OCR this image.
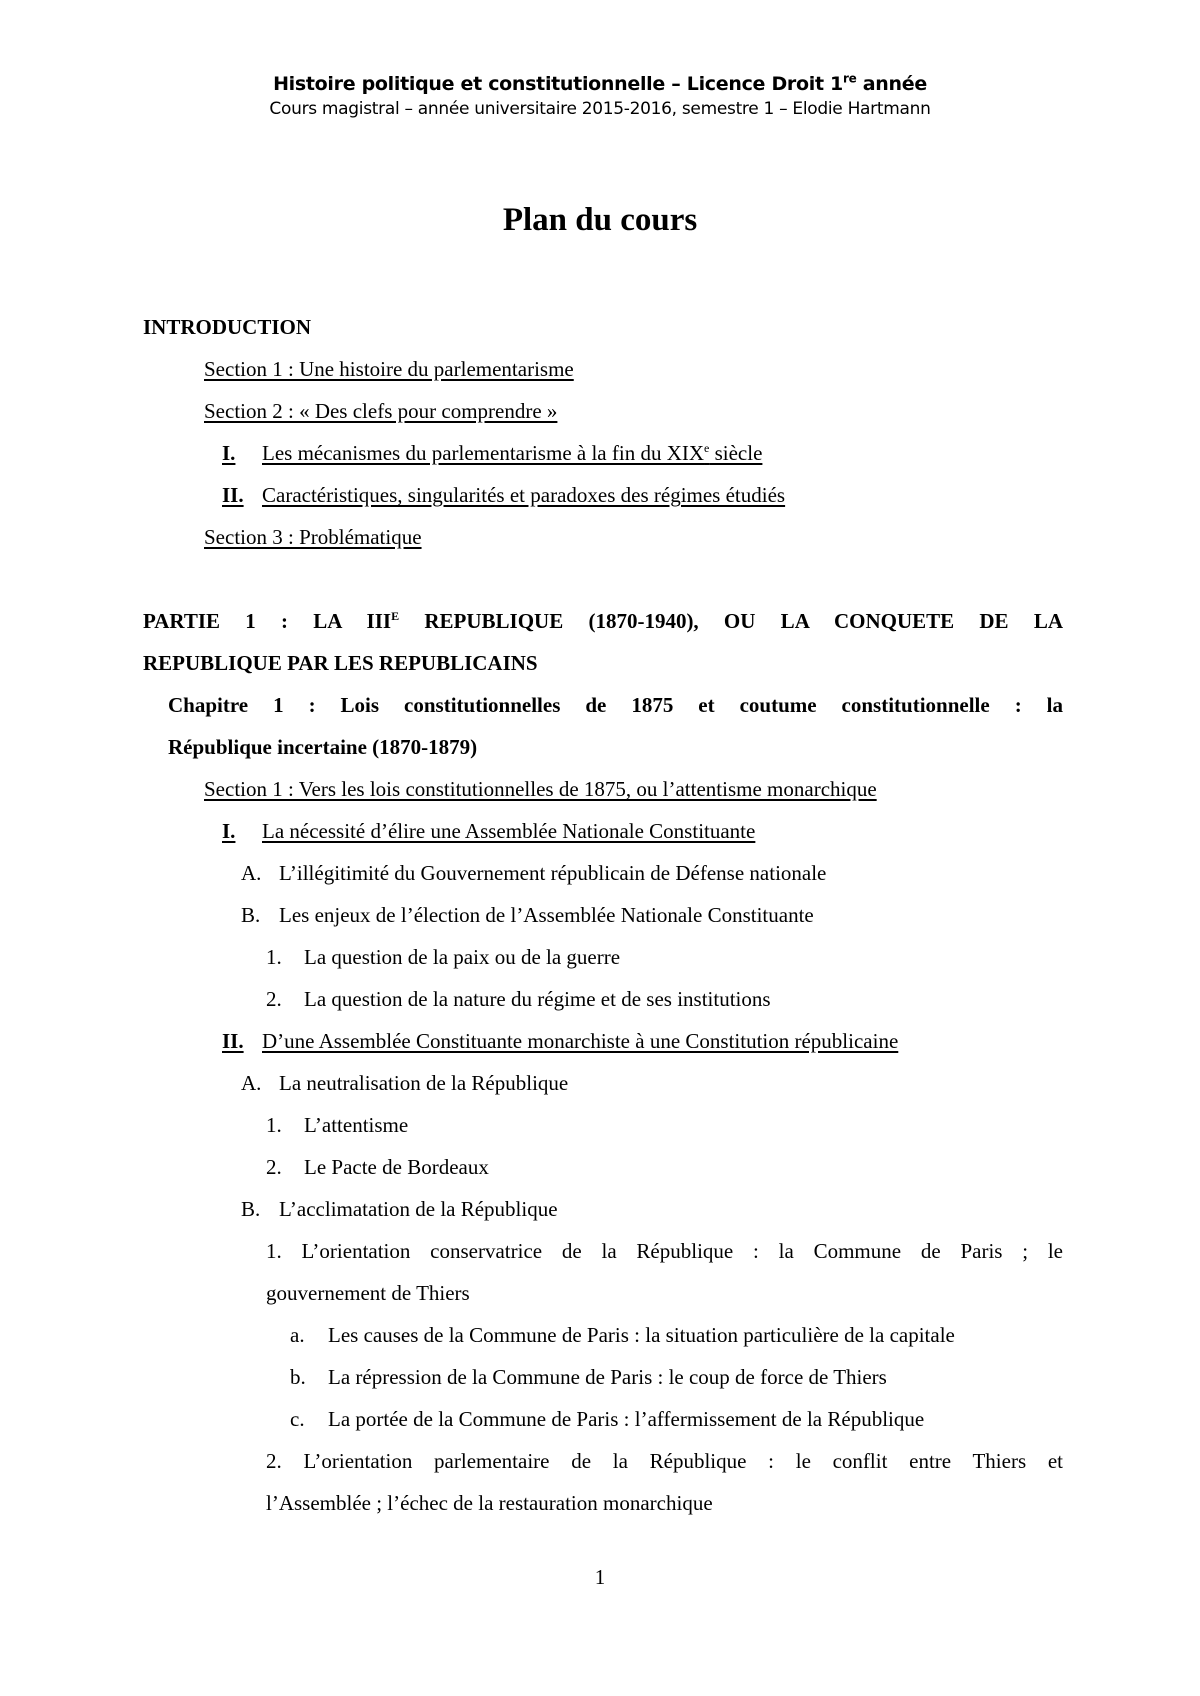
Histoire politique et constitutionnelle – Licence Droit 1re année
Cours magistral – année universitaire 2015-2016, semestre 1 – Elodie Hartmann
Plan du cours
INTRODUCTION
Section 1 : Une histoire du parlementarisme
Section 2 : « Des clefs pour comprendre »
I. Les mécanismes du parlementarisme à la fin du XIXe siècle
II. Caractéristiques, singularités et paradoxes des régimes étudiés
Section 3 : Problématique
PARTIE 1 : LA $III^E$ REPUBLIQUE (1870-1940), OU LA CONQUETE DE LA
REPUBLIQUE PAR LES REPUBLICAINS
Chapitre 1 : Lois constitutionnelles de 1875 et coutume constitutionnelle : la
République incertaine (1870-1879)
Section 1 : Vers les lois constitutionnelles de 1875, ou l’attentisme monarchique
I. La nécessité d’élire une Assemblée Nationale Constituante
A. L’illégitimité du Gouvernement républicain de Défense nationale
B. Les enjeux de l’élection de l’Assemblée Nationale Constituante
1. La question de la paix ou de la guerre
2. La question de la nature du régime et de ses institutions
II. D’une Assemblée Constituante monarchiste à une Constitution républicaine
A. La neutralisation de la République
1. L’attentisme
2. Le Pacte de Bordeaux
B. L’acclimatation de la République
1. L’orientation conservatrice de la République : la Commune de Paris ; le
gouvernement de Thiers
a. Les causes de la Commune de Paris : la situation particulière de la capitale
b. La répression de la Commune de Paris : le coup de force de Thiers
c. La portée de la Commune de Paris : l’affermissement de la République
2. L’orientation parlementaire de la République : le conflit entre Thiers et
l’Assemblée ; l’échec de la restauration monarchique
1
